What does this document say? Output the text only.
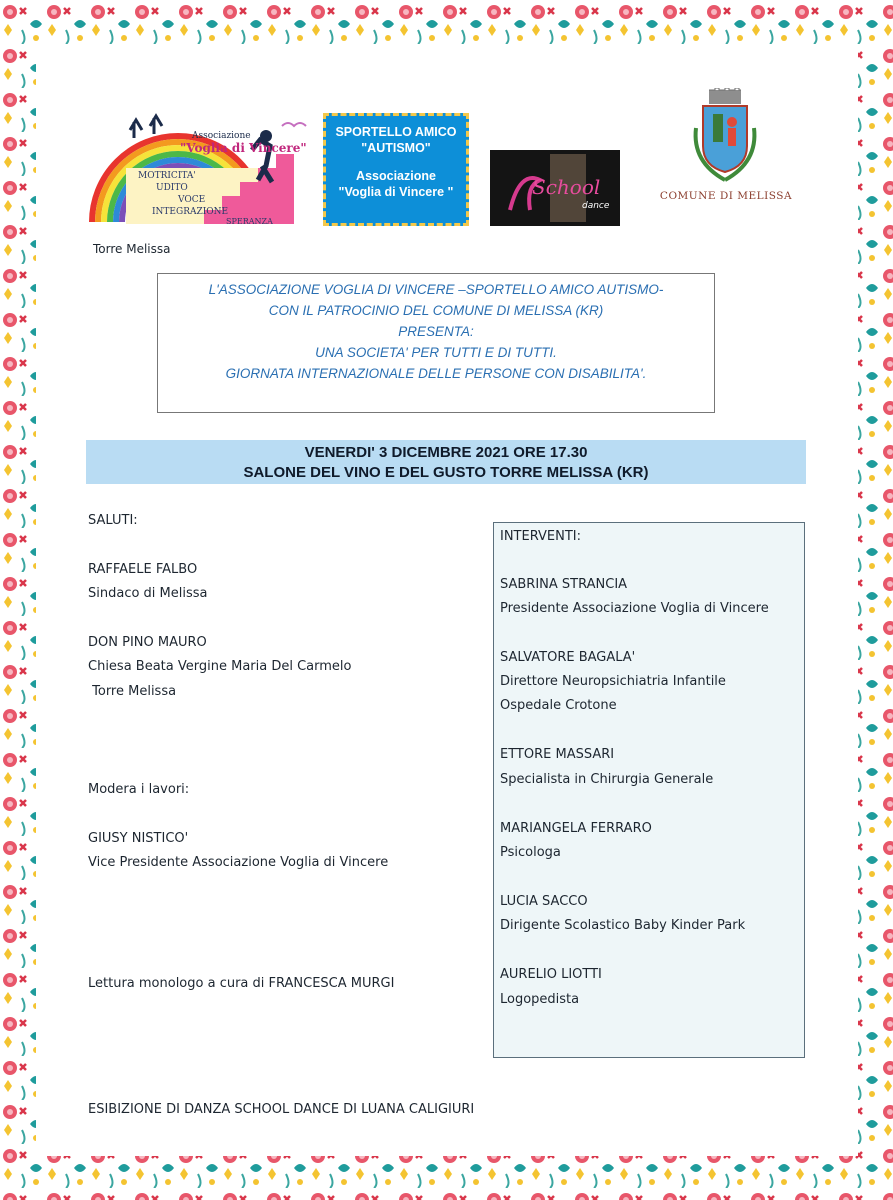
Associazione
"Voglia di Vincere"
MOTRICITA'
UDITO
VOCE
INTEGRAZIONE
SPERANZA
SPORTELLO AMICO
"AUTISMO"
Associazione
"Voglia di Vincere "	School
dance
COMUNE DI MELISSA
Torre Melissa
L'ASSOCIAZIONE VOGLIA DI VINCERE –SPORTELLO AMICO AUTISMO-
CON IL PATROCINIO DEL COMUNE DI MELISSA (KR)
PRESENTA:
UNA SOCIETA' PER TUTTI E DI TUTTI.
GIORNATA INTERNAZIONALE DELLE PERSONE CON DISABILITA'.
VENERDI' 3 DICEMBRE 2021 ORE 17.30
SALONE DEL VINO E DEL GUSTO TORRE MELISSA (KR)
SALUTI:
RAFFAELE FALBO
Sindaco di Melissa
DON PINO MAURO
Chiesa Beata Vergine Maria Del Carmelo
Torre Melissa
Modera i lavori:
GIUSY NISTICO'
Vice Presidente Associazione Voglia di Vincere
Lettura monologo a cura di FRANCESCA MURGI
INTERVENTI:
SABRINA STRANCIA
Presidente Associazione Voglia di Vincere
SALVATORE BAGALA'
Direttore Neuropsichiatria Infantile
Ospedale Crotone
ETTORE MASSARI
Specialista in Chirurgia Generale
MARIANGELA FERRARO
Psicologa
LUCIA SACCO
Dirigente Scolastico Baby Kinder Park
AURELIO LIOTTI
Logopedista
ESIBIZIONE DI DANZA SCHOOL DANCE DI LUANA CALIGIURI
